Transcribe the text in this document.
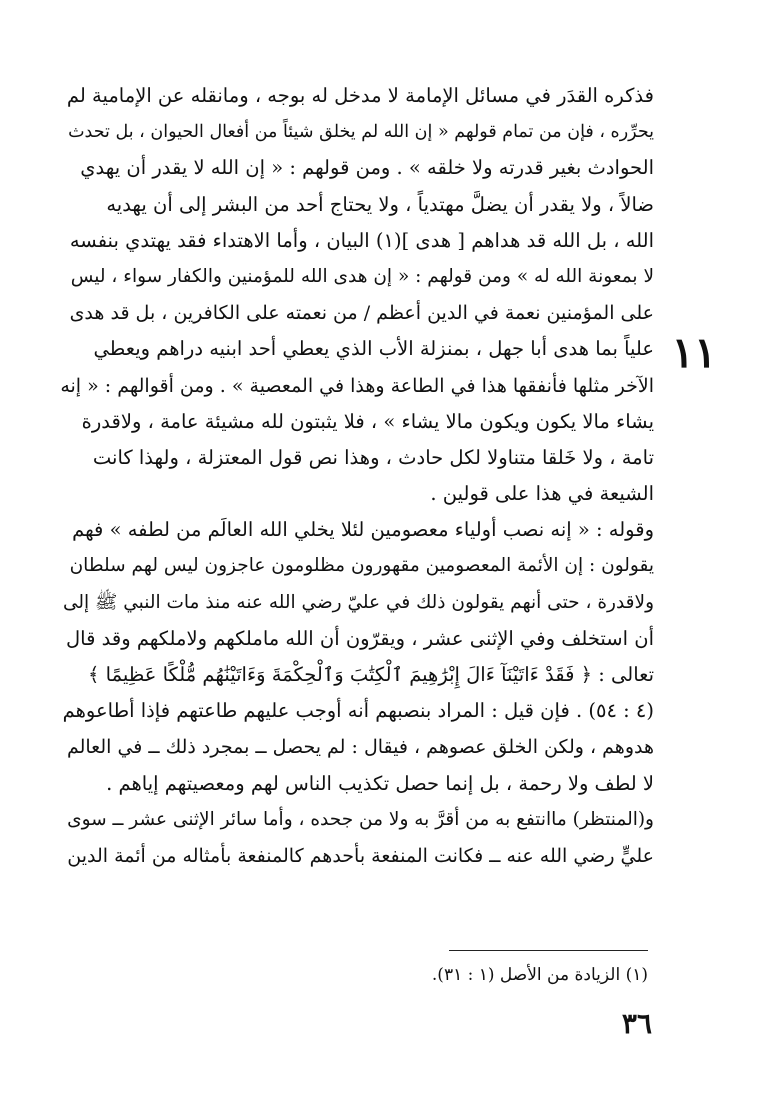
فذكره القدَر في مسائل الإمامة لا مدخل له بوجه ، ومانقله عن الإمامية لم
يحرِّره ، فإن من تمام قولهم « إن الله لم يخلق شيئاً من أفعال الحيوان ، بل تحدث
الحوادث بغير قدرته ولا خلقه » . ومن قولهم : « إن الله لا يقدر أن يهدي
ضالاً ، ولا يقدر أن يضلَّ مهتدياً ، ولا يحتاج أحد من البشر إلى أن يهديه
الله ، بل الله قد هداهم [ هدى ](١) البيان ، وأما الاهتداء فقد يهتدي بنفسه
لا بمعونة الله له » ومن قولهم : « إن هدى الله للمؤمنين والكفار سواء ، ليس
على المؤمنين نعمة في الدين أعظم / من نعمته على الكافرين ، بل قد هدى
علياً بما هدى أبا جهل ، بمنزلة الأب الذي يعطي أحد ابنيه دراهم ويعطي
الآخر مثلها فأنفقها هذا في الطاعة وهذا في المعصية » . ومن أقوالهم : « إنه
يشاء مالا يكون ويكون مالا يشاء » ، فلا يثبتون لله مشيئة عامة ، ولاقدرة
تامة ، ولا خَلقا متناولا لكل حادث ، وهذا نص قول المعتزلة ، ولهذا كانت
الشيعة في هذا على قولين .
وقوله : « إنه نصب أولياء معصومين لئلا يخلي الله العالَم من لطفه » فهم
يقولون : إن الأئمة المعصومين مقهورون مظلومون عاجزون ليس لهم سلطان
ولاقدرة ، حتى أنهم يقولون ذلك في عليّ رضي الله عنه منذ مات النبي ﷺ إلى
أن استخلف وفي الإثنى عشر ، ويقرّون أن الله ماملكهم ولاملكهم وقد قال
تعالى : ﴿ فَقَدْ ءَاتَيْنَآ ءَالَ إِبْرَٰهِيمَ ٱلْكِتَٰبَ وَٱلْحِكْمَةَ وَءَاتَيْنَٰهُم مُّلْكًا عَظِيمًا ﴾
(٤ : ٥٤) . فإن قيل : المراد بنصبهم أنه أوجب عليهم طاعتهم فإذا أطاعوهم
هدوهم ، ولكن الخلق عصوهم ، فيقال : لم يحصل ــ بمجرد ذلك ــ في العالم
لا لطف ولا رحمة ، بل إنما حصل تكذيب الناس لهم ومعصيتهم إياهم .
و(المنتظر) ماانتفع به من أقرَّ به ولا من جحده ، وأما سائر الإثنى عشر ــ سوى
عليٍّ رضي الله عنه ــ فكانت المنفعة بأحدهم كالمنفعة بأمثاله من أئمة الدين
١١
(١) الزيادة من الأصل (١ : ٣١).
٣٦
